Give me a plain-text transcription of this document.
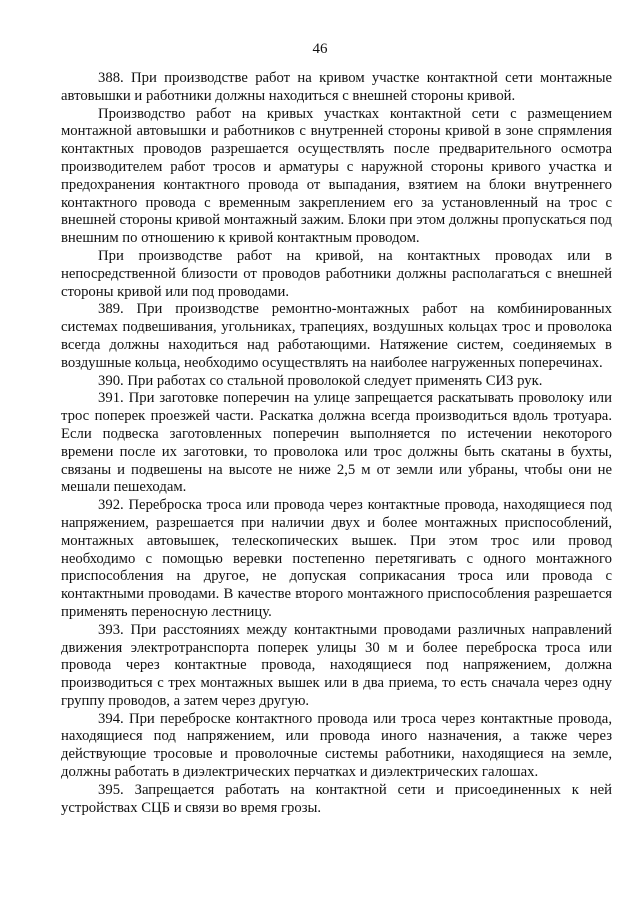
46

388. При производстве работ на кривом участке контактной сети монтажные автовышки и работники должны находиться с внешней стороны кривой.

Производство работ на кривых участках контактной сети с размещением монтажной автовышки и работников с внутренней стороны кривой в зоне спрямления контактных проводов разрешается осуществлять после предварительного осмотра производителем работ тросов и арматуры с наружной стороны кривого участка и предохранения контактного провода от выпадания, взятием на блоки внутреннего контактного провода с временным закреплением его за установленный на трос с внешней стороны кривой монтажный зажим. Блоки при этом должны пропускаться под внешним по отношению к кривой контактным проводом.

При производстве работ на кривой, на контактных проводах или в непосредственной близости от проводов работники должны располагаться с внешней стороны кривой или под проводами.

389. При производстве ремонтно-монтажных работ на комбинированных системах подвешивания, угольниках, трапециях, воздушных кольцах трос и проволока всегда должны находиться над работающими. Натяжение систем, соединяемых в воздушные кольца, необходимо осуществлять на наиболее нагруженных поперечинах.

390. При работах со стальной проволокой следует применять СИЗ рук.

391. При заготовке поперечин на улице запрещается раскатывать проволоку или трос поперек проезжей части. Раскатка должна всегда производиться вдоль тротуара. Если подвеска заготовленных поперечин выполняется по истечении некоторого времени после их заготовки, то проволока или трос должны быть скатаны в бухты, связаны и подвешены на высоте не ниже 2,5 м от земли или убраны, чтобы они не мешали пешеходам.

392. Переброска троса или провода через контактные провода, находящиеся под напряжением, разрешается при наличии двух и более монтажных приспособлений, монтажных автовышек, телескопических вышек. При этом трос или провод необходимо с помощью веревки постепенно перетягивать с одного монтажного приспособления на другое, не допуская соприкасания троса или провода с контактными проводами. В качестве второго монтажного приспособления разрешается применять переносную лестницу.

393. При расстояниях между контактными проводами различных направлений движения электротранспорта поперек улицы 30 м и более переброска троса или провода через контактные провода, находящиеся под напряжением, должна производиться с трех монтажных вышек или в два приема, то есть сначала через одну группу проводов, а затем через другую.

394. При переброске контактного провода или троса через контактные провода, находящиеся под напряжением, или провода иного назначения, а также через действующие тросовые и проволочные системы работники, находящиеся на земле, должны работать в диэлектрических перчатках и диэлектрических галошах.

395. Запрещается работать на контактной сети и присоединенных к ней устройствах СЦБ и связи во время грозы.
